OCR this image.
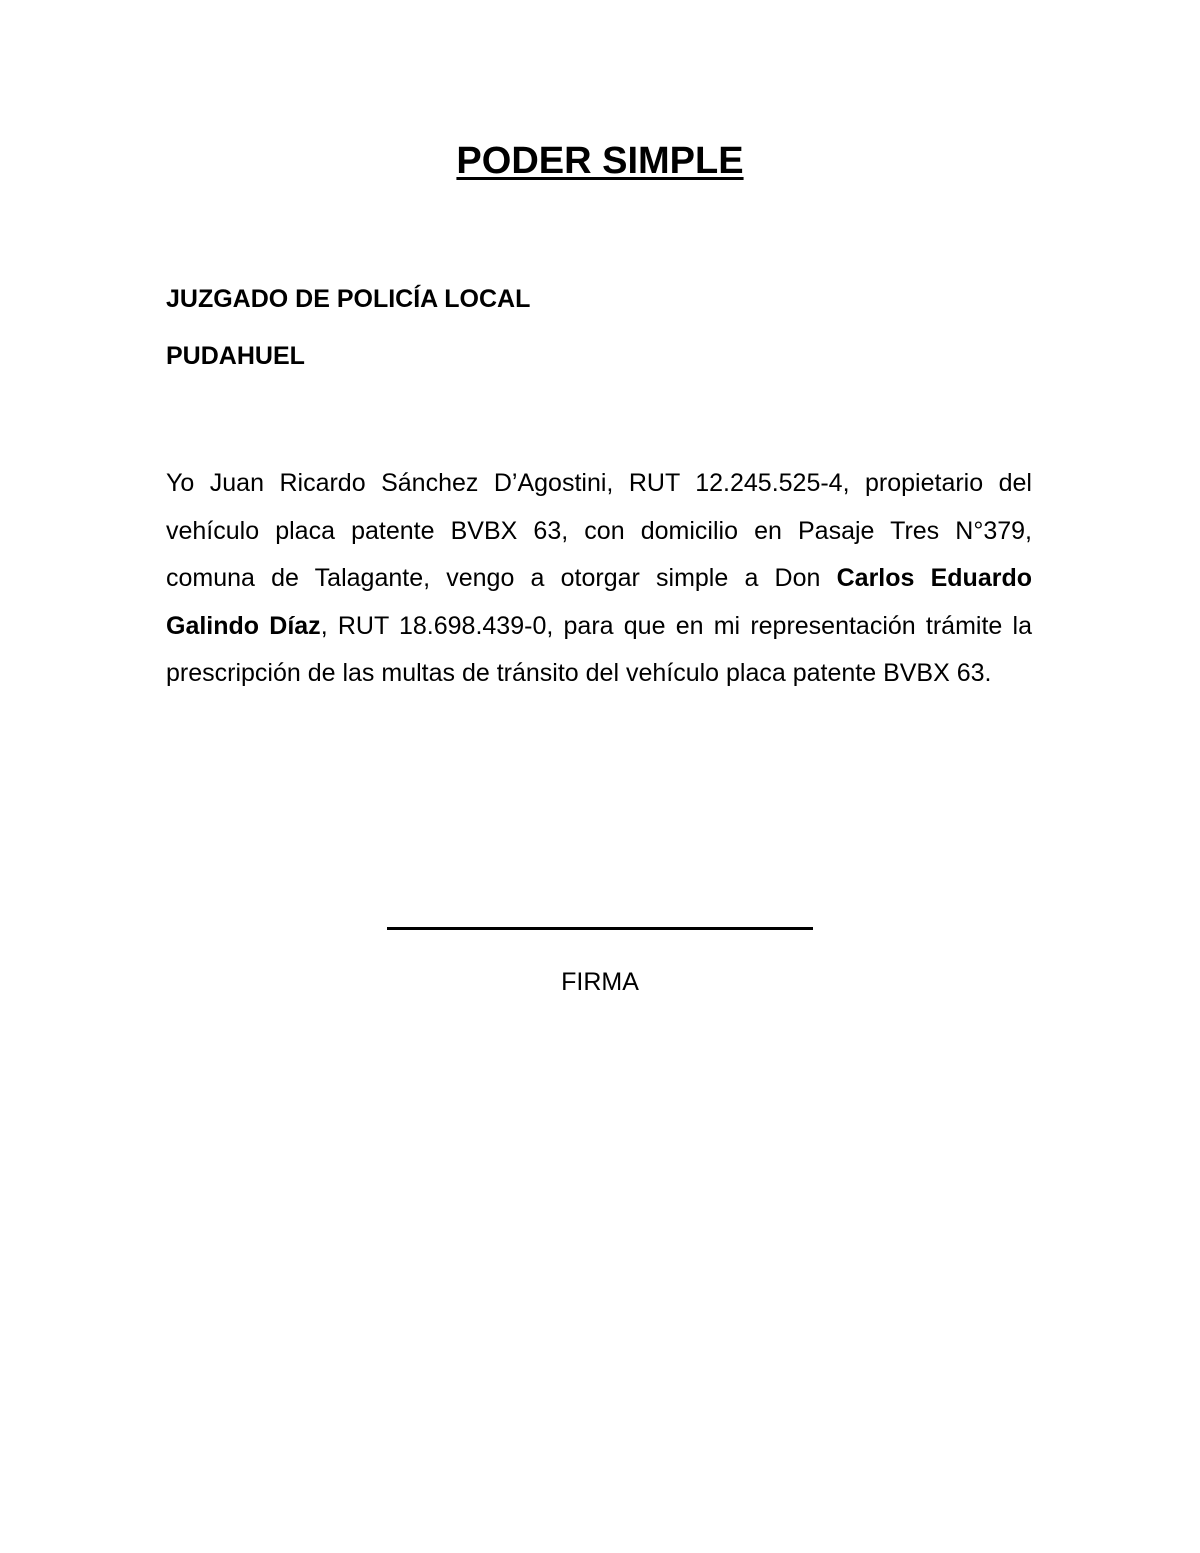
PODER SIMPLE
JUZGADO DE POLICÍA LOCAL
PUDAHUEL

Yo Juan Ricardo Sánchez D’Agostini, RUT 12.245.525-4, propietario del vehículo placa patente BVBX 63, con domicilio en Pasaje Tres N°379, comuna de Talagante, vengo a otorgar simple a Don Carlos Eduardo Galindo Díaz, RUT 18.698.439-0, para que en mi representación trámite la prescripción de las multas de tránsito del vehículo placa patente BVBX 63.

FIRMA
